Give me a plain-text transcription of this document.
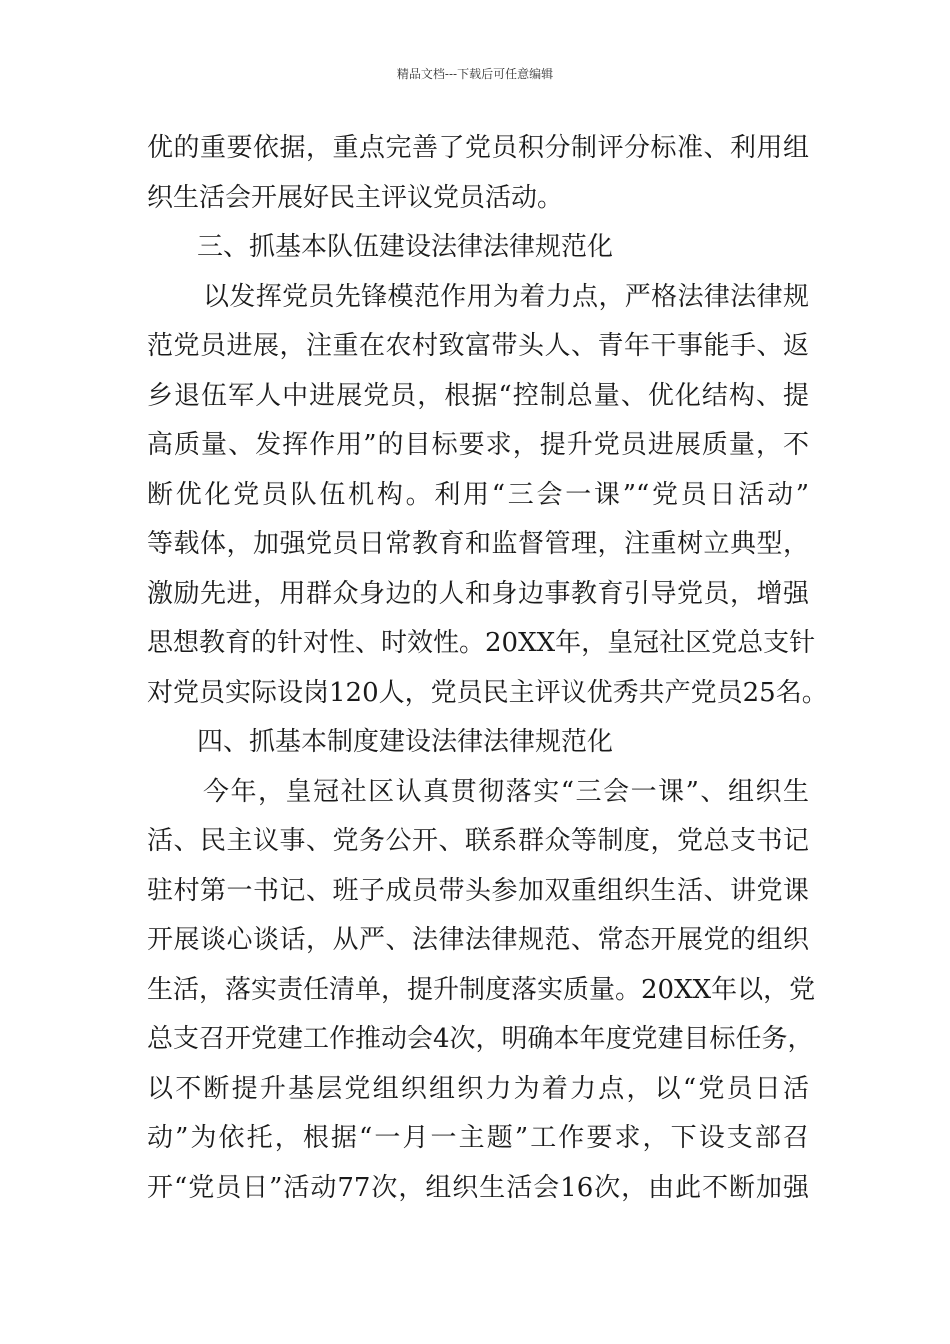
精品文档---下载后可任意编辑
优的重要依据，重点完善了党员积分制评分标准、利用组
织生活会开展好民主评议党员活动。
三、抓基本队伍建设法律法律规范化
以发挥党员先锋模范作用为着力点，严格法律法律规
范党员进展，注重在农村致富带头人、青年干事能手、返
乡退伍军人中进展党员，根据“控制总量、优化结构、提
高质量、发挥作用”的目标要求，提升党员进展质量，不
断优化党员队伍机构。利用“三会一课”“党员日活动”
等载体，加强党员日常教育和监督管理，注重树立典型，
激励先进，用群众身边的人和身边事教育引导党员，增强
思想教育的针对性、时效性。20XX年，皇冠社区党总支针
对党员实际设岗120人，党员民主评议优秀共产党员25名。
四、抓基本制度建设法律法律规范化
今年，皇冠社区认真贯彻落实“三会一课”、组织生
活、民主议事、党务公开、联系群众等制度，党总支书记
驻村第一书记、班子成员带头参加双重组织生活、讲党课
开展谈心谈话，从严、法律法律规范、常态开展党的组织
生活，落实责任清单，提升制度落实质量。20XX年以，党
总支召开党建工作推动会4次，明确本年度党建目标任务，
以不断提升基层党组织组织力为着力点，以“党员日活
动”为依托，根据“一月一主题”工作要求，下设支部召
开“党员日”活动77次，组织生活会16次，由此不断加强
